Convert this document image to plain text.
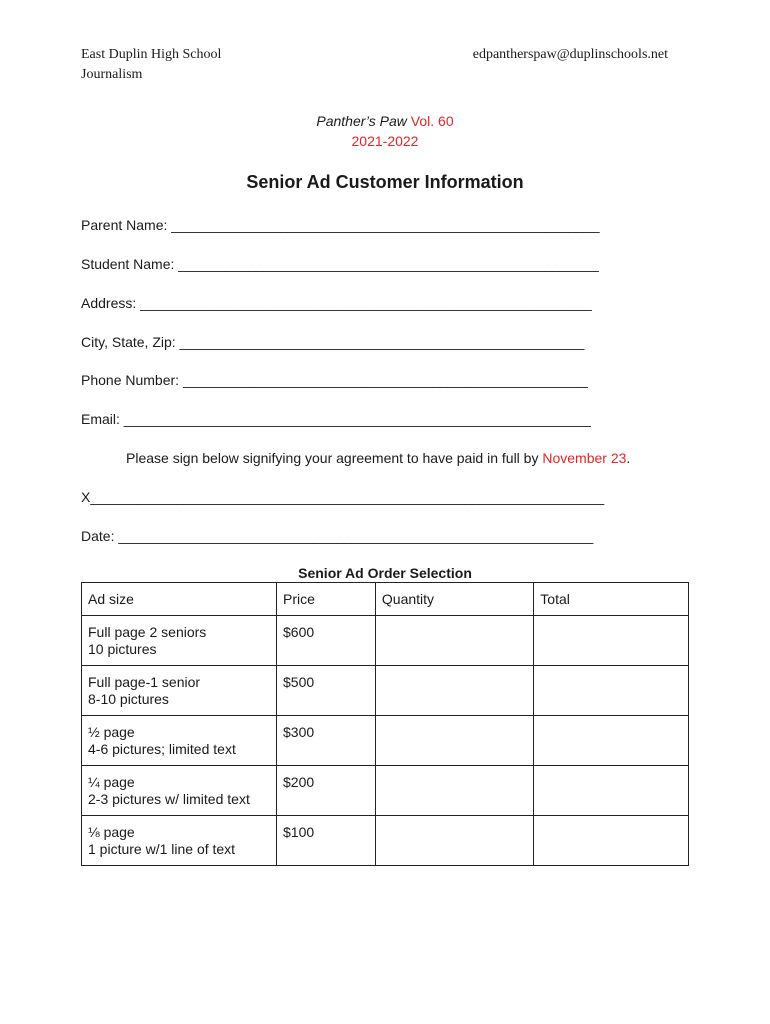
East Duplin High School
Journalism
edpantherspaw@duplinschools.net
Panther’s Paw Vol. 60
2021-2022
Senior Ad Customer Information
Parent Name: _______________________________________________________
Student Name: ______________________________________________________
Address: __________________________________________________________
City, State, Zip: ____________________________________________________
Phone Number: ____________________________________________________
Email: ____________________________________________________________
Please sign below signifying your agreement to have paid in full by November 23.
X__________________________________________________________________
Date: _____________________________________________________________
Senior Ad Order Selection
Ad size	Price	Quantity	Total

Full page 2 seniors
10 pictures	$600		

Full page-1 senior
8-10 pictures	$500		

½ page
4-6 pictures; limited text	$300		

¼ page
2-3 pictures w/ limited text	$200		

⅛ page
1 picture w/1 line of text	$100		
